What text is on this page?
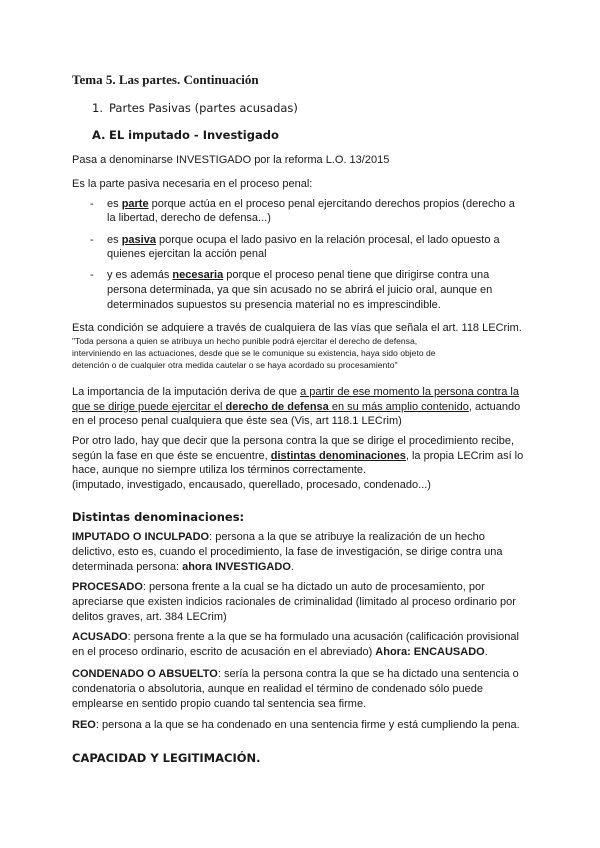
Tema 5. Las partes. Continuación
1. Partes Pasivas (partes acusadas)
A. EL imputado - Investigado
Pasa a denominarse INVESTIGADO por la reforma L.O. 13/2015
Es la parte pasiva necesaria en el proceso penal:
- es parte porque actúa en el proceso penal ejercitando derechos propios (derecho a
la libertad, derecho de defensa...)
- es pasiva porque ocupa el lado pasivo en la relación procesal, el lado opuesto a
quienes ejercitan la acción penal
- y es además necesaria porque el proceso penal tiene que dirigirse contra una
persona determinada, ya que sin acusado no se abrirá el juicio oral, aunque en
determinados supuestos su presencia material no es imprescindible.
Esta condición se adquiere a través de cualquiera de las vías que señala el art. 118 LECrim.
"Toda persona a quien se atribuya un hecho punible podrá ejercitar el derecho de defensa,
interviniendo en las actuaciones, desde que se le comunique su existencia, haya sido objeto de
detención o de cualquier otra medida cautelar o se haya acordado su procesamiento"
La importancia de la imputación deriva de que a partir de ese momento la persona contra la
que se dirige puede ejercitar el derecho de defensa en su más amplio contenido, actuando
en el proceso penal cualquiera que éste sea (Vis, art 118.1 LECrim)
Por otro lado, hay que decir que la persona contra la que se dirige el procedimiento recibe,
según la fase en que éste se encuentre, distintas denominaciones, la propia LECrim así lo
hace, aunque no siempre utiliza los términos correctamente.
(imputado, investigado, encausado, querellado, procesado, condenado...)
Distintas denominaciones:
IMPUTADO O INCULPADO: persona a la que se atribuye la realización de un hecho
delictivo, esto es, cuando el procedimiento, la fase de investigación, se dirige contra una
determinada persona: ahora INVESTIGADO.
PROCESADO: persona frente a la cual se ha dictado un auto de procesamiento, por
apreciarse que existen indicios racionales de criminalidad (limitado al proceso ordinario por
delitos graves, art. 384 LECrim)
ACUSADO: persona frente a la que se ha formulado una acusación (calificación provisional
en el proceso ordinario, escrito de acusación en el abreviado) Ahora: ENCAUSADO.
CONDENADO O ABSUELTO: sería la persona contra la que se ha dictado una sentencia o
condenatoria o absolutoria, aunque en realidad el término de condenado sólo puede
emplearse en sentido propio cuando tal sentencia sea firme.
REO: persona a la que se ha condenado en una sentencia firme y está cumpliendo la pena.
CAPACIDAD Y LEGITIMACIÓN.
